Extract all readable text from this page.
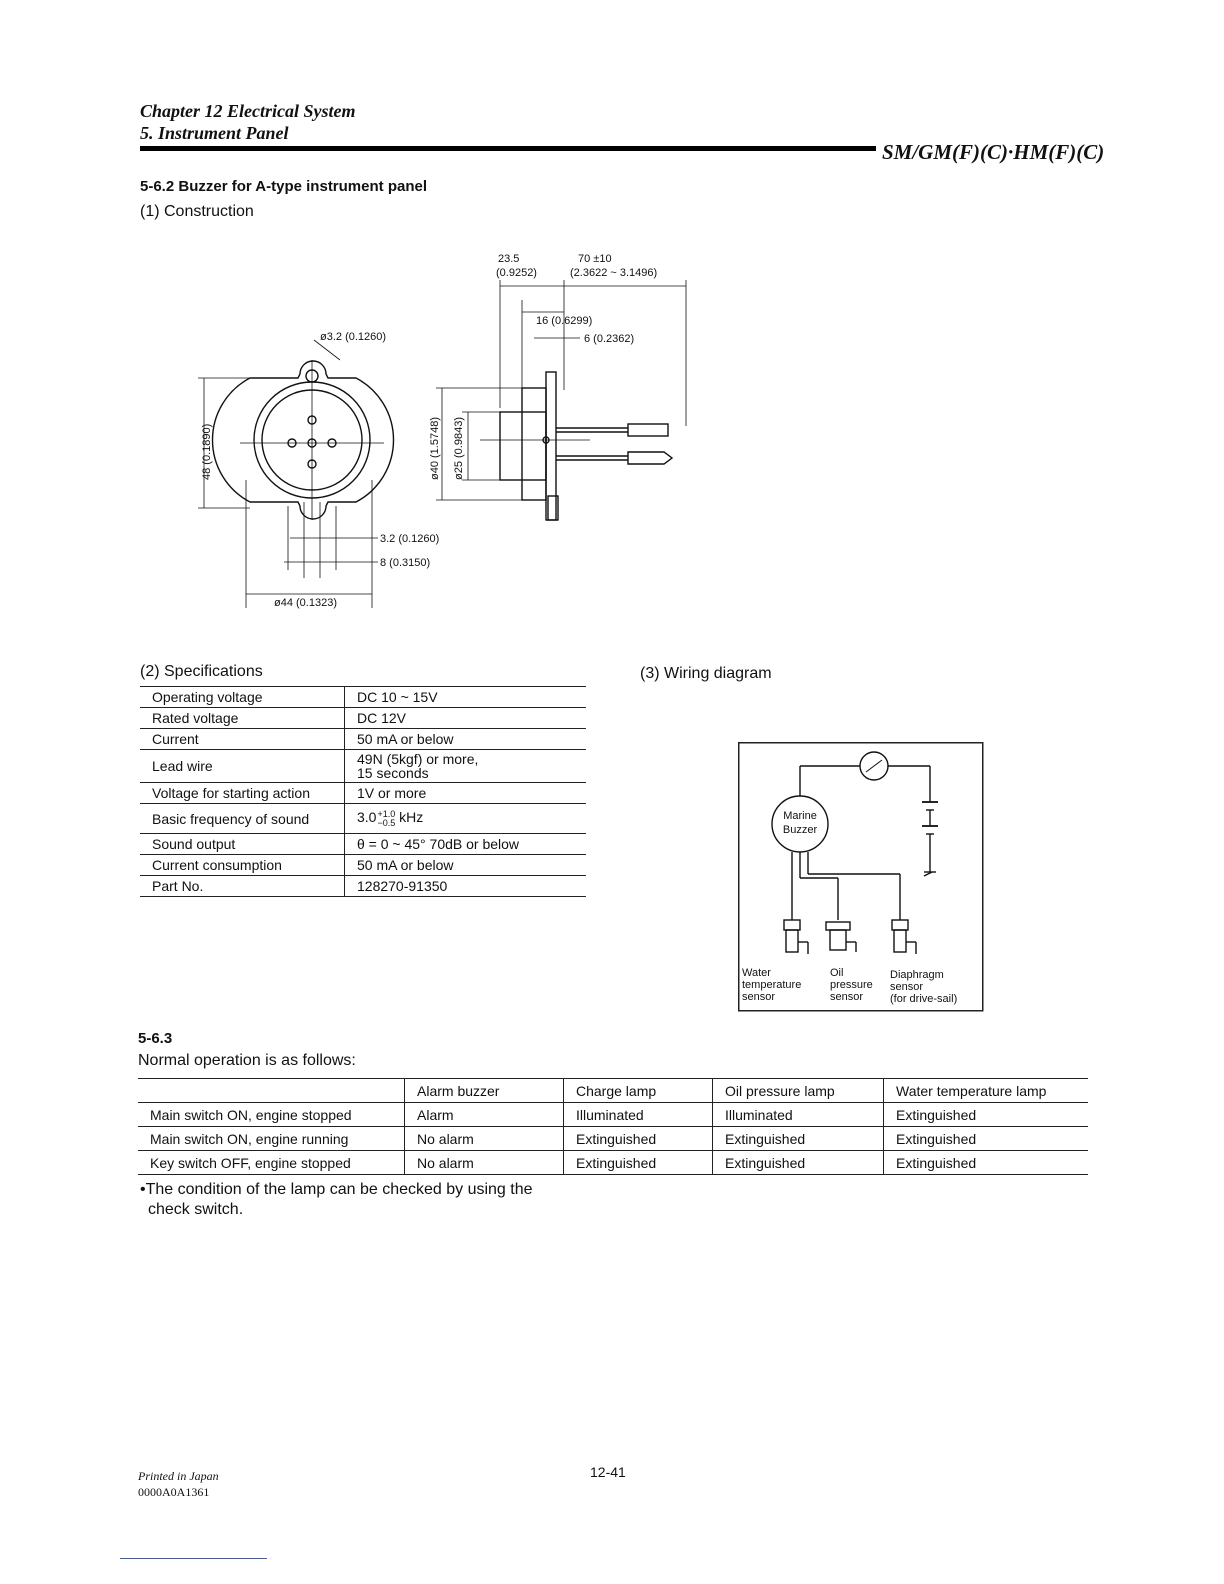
Chapter 12 Electrical System
5. Instrument Panel
SM/GM(F)(C)·HM(F)(C)
5-6.2 Buzzer for A-type instrument panel
(1) Construction
ø3.2 (0.1260)
48 (0.1890)
3.2 (0.1260)
8 (0.3150)
ø44 (0.1323)
23.5
(0.9252)
70 ±10
(2.3622 ~ 3.1496)
16 (0.6299)
6 (0.2362)
ø40 (1.5748) ø25 (0.9843)
(2) Specifications
Operating voltage	DC 10 ~ 15V
Rated voltage	DC 12V
Current	50 mA or below
Lead wire	49N (5kgf) or more,
15 seconds

Voltage for starting action	1V or more
Basic frequency of sound	3.0 +1.0
−0.5 kHz
Sound output	θ = 0 ~ 45° 70dB or below
Current consumption	50 mA or below
Part No.	128270-91350
(3) Wiring diagram
Marine
Buzzer
Water
temperature
sensor
Oil
pressure
sensor
Diaphragm
sensor
(for drive-sail)
5-6.3
Normal operation is as follows:
	Alarm buzzer	Charge lamp	Oil pressure lamp	Water temperature lamp
Main switch ON, engine stopped	Alarm	Illuminated	Illuminated	Extinguished
Main switch ON, engine running	No alarm	Extinguished	Extinguished	Extinguished
Key switch OFF, engine stopped	No alarm	Extinguished	Extinguished	Extinguished
•The condition of the lamp can be checked by using the
check switch.
Printed in Japan
0000A0A1361
12-41
